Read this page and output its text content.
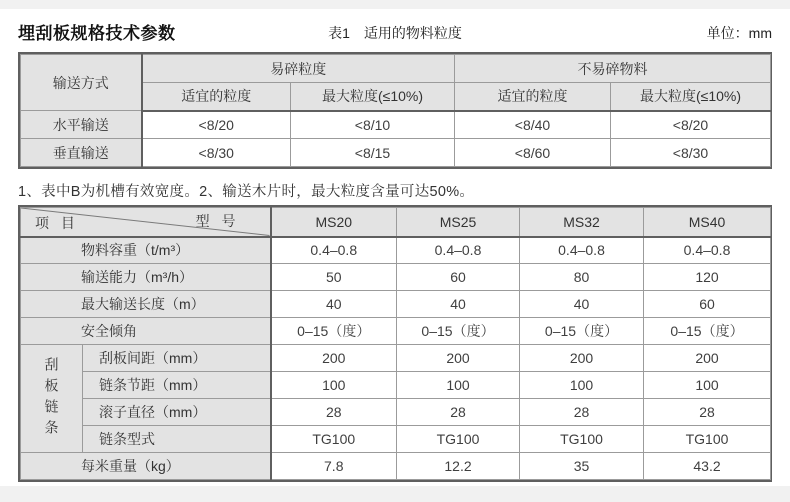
埋刮板规格技术参数	表1　适用的物料粒度	单位：mm
输送方式	易碎粒度		不易碎物料	
	适宜的粒度	最大粒度(≤10%)	适宜的粒度	最大粒度(≤10%)
水平输送	<8/20	<8/10	<8/40	<8/20
垂直输送	<8/30	<8/15	<8/60	<8/30
1、表中B为机槽有效宽度。2、输送木片时，最大粒度含量可达50%。
型 号
项 目		MS20	MS25	MS32	MS40
物料容重（t/m³）		0.4–0.8	0.4–0.8	0.4–0.8	0.4–0.8
输送能力（m³/h）		50	60	80	120
最大输送长度（m）		40	40	40	60
安全倾角		0–15（度）	0–15（度）	0–15（度）	0–15（度）

刮板链条	刮板间距（mm）	200	200	200	200
	链条节距（mm）	100	100	100	100
	滚子直径（mm）	28	28	28	28
	链条型式	TG100	TG100	TG100	TG100
每米重量（kg）		7.8	12.2	35	43.2
